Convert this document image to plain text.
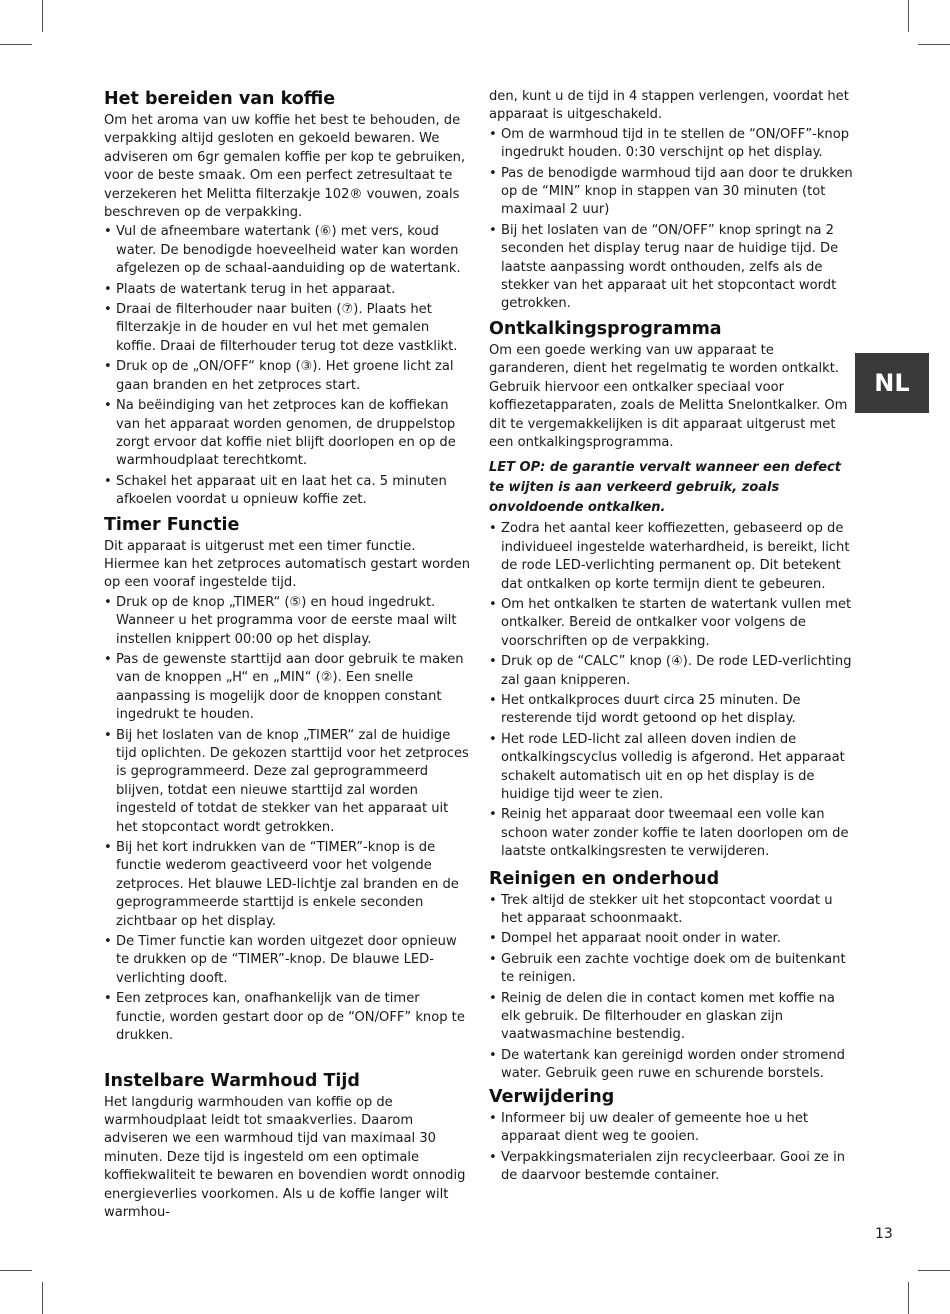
NL
13
Het bereiden van koffie

Om het aroma van uw koffie het best te behouden, de verpakking altijd gesloten en gekoeld bewaren. We adviseren om 6gr gemalen koffie per kop te gebruiken, voor de beste smaak. Om een perfect zetresultaat te verzekeren het Melitta filterzakje 102® vouwen, zoals beschreven op de verpakking.

• Vul de afneembare watertank (⑥) met vers, koud water. De benodigde hoeveelheid water kan worden afgelezen op de schaal-aanduiding op de watertank.
• Plaats de watertank terug in het apparaat.
• Draai de filterhouder naar buiten (⑦). Plaats het filterzakje in de houder en vul het met gemalen koffie. Draai de filterhouder terug tot deze vastklikt.
• Druk op de „ON/OFF“ knop (③). Het groene licht zal gaan branden en het zetproces start.
• Na beëindiging van het zetproces kan de koffiekan van het apparaat worden genomen, de druppelstop zorgt ervoor dat koffie niet blijft doorlopen en op de warmhoudplaat terechtkomt.
• Schakel het apparaat uit en laat het ca. 5 minuten afkoelen voordat u opnieuw koffie zet.
Timer Functie

Dit apparaat is uitgerust met een timer functie. Hiermee kan het zetproces automatisch gestart worden op een vooraf ingestelde tijd.

• Druk op de knop „TIMER“ (⑤) en houd ingedrukt. Wanneer u het programma voor de eerste maal wilt instellen knippert 00:00 op het display.
• Pas de gewenste starttijd aan door gebruik te maken van de knoppen „H“ en „MIN“ (②). Een snelle aanpassing is mogelijk door de knoppen constant ingedrukt te houden.
• Bij het loslaten van de knop „TIMER“ zal de huidige tijd oplichten. De gekozen starttijd voor het zetproces is geprogrammeerd. Deze zal geprogrammeerd blijven, totdat een nieuwe starttijd zal worden ingesteld of totdat de stekker van het apparaat uit het stopcontact wordt getrokken.
• Bij het kort indrukken van de “TIMER”-knop is de functie wederom geactiveerd voor het volgende zetproces. Het blauwe LED-lichtje zal branden en de geprogrammeerde starttijd is enkele seconden zichtbaar op het display.
• De Timer functie kan worden uitgezet door opnieuw te drukken op de “TIMER”-knop. De blauwe LED-verlichting dooft.
• Een zetproces kan, onafhankelijk van de timer functie, worden gestart door op de “ON/OFF” knop te drukken.
Instelbare Warmhoud Tijd

Het langdurig warmhouden van koffie op de warmhoudplaat leidt tot smaakverlies. Daarom adviseren we een warmhoud tijd van maximaal 30 minuten. Deze tijd is ingesteld om een optimale koffiekwaliteit te bewaren en bovendien wordt onnodig energieverlies voorkomen. Als u de koffie langer wilt warmhou-

den, kunt u de tijd in 4 stappen verlengen, voordat het apparaat is uitgeschakeld.

• Om de warmhoud tijd in te stellen de “ON/OFF”-knop ingedrukt houden. 0:30 verschijnt op het display.
• Pas de benodigde warmhoud tijd aan door te drukken op de “MIN” knop in stappen van 30 minuten (tot maximaal 2 uur)
• Bij het loslaten van de “ON/OFF” knop springt na 2 seconden het display terug naar de huidige tijd. De laatste aanpassing wordt onthouden, zelfs als de stekker van het apparaat uit het stopcontact wordt getrokken.
Ontkalkingsprogramma

Om een goede werking van uw apparaat te garanderen, dient het regelmatig te worden ontkalkt. Gebruik hiervoor een ontkalker speciaal voor koffiezetapparaten, zoals de Melitta Snelontkalker. Om dit te vergemakkelijken is dit apparaat uitgerust met een ontkalkingsprogramma.

LET OP: de garantie vervalt wanneer een defect te wijten is aan verkeerd gebruik, zoals onvoldoende ontkalken.

• Zodra het aantal keer koffiezetten, gebaseerd op de individueel ingestelde waterhardheid, is bereikt, licht de rode LED-verlichting permanent op. Dit betekent dat ontkalken op korte termijn dient te gebeuren.
• Om het ontkalken te starten de watertank vullen met ontkalker. Bereid de ontkalker voor volgens de voorschriften op de verpakking.
• Druk op de “CALC” knop (④). De rode LED-verlichting zal gaan knipperen.
• Het ontkalkproces duurt circa 25 minuten. De resterende tijd wordt getoond op het display.
• Het rode LED-licht zal alleen doven indien de ontkalkingscyclus volledig is afgerond. Het apparaat schakelt automatisch uit en op het display is de huidige tijd weer te zien.
• Reinig het apparaat door tweemaal een volle kan schoon water zonder koffie te laten doorlopen om de laatste ontkalkingsresten te verwijderen.
Reinigen en onderhoud
• Trek altijd de stekker uit het stopcontact voordat u het apparaat schoonmaakt.
• Dompel het apparaat nooit onder in water.
• Gebruik een zachte vochtige doek om de buitenkant te reinigen.
• Reinig de delen die in contact komen met koffie na elk gebruik. De filterhouder en glaskan zijn vaatwasmachine bestendig.
• De watertank kan gereinigd worden onder stromend water. Gebruik geen ruwe en schurende borstels.
Verwijdering
• Informeer bij uw dealer of gemeente hoe u het apparaat dient weg te gooien.
• Verpakkingsmaterialen zijn recycleerbaar. Gooi ze in de daarvoor bestemde container.
